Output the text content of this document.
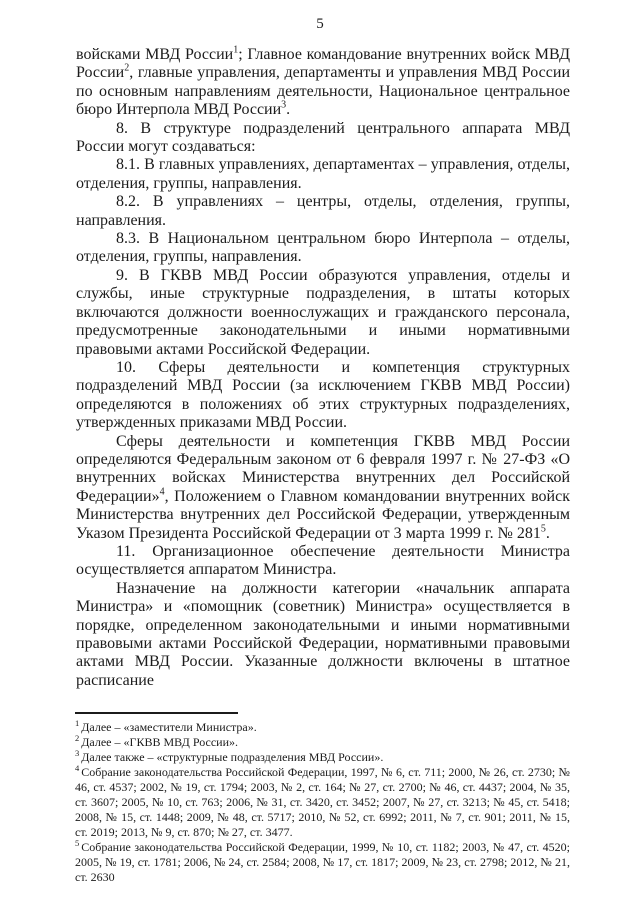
5

войсками МВД России$^1$; Главное командование внутренних войск МВД России$^2$, главные управления, департаменты и управления МВД России по основным направлениям деятельности, Национальное центральное бюро Интерпола МВД России$^3$.

8. В структуре подразделений центрального аппарата МВД России могут создаваться:

8.1. В главных управлениях, департаментах – управления, отделы, отделения, группы, направления.

8.2. В управлениях – центры, отделы, отделения, группы, направления.

8.3. В Национальном центральном бюро Интерпола – отделы, отделения, группы, направления.

9. В ГКВВ МВД России образуются управления, отделы и службы, иные структурные подразделения, в штаты которых включаются должности военнослужащих и гражданского персонала, предусмотренные законодательными и иными нормативными правовыми актами Российской Федерации.

10. Сферы деятельности и компетенция структурных подразделений МВД России (за исключением ГКВВ МВД России) определяются в положениях об этих структурных подразделениях, утвержденных приказами МВД России.

Сферы деятельности и компетенция ГКВВ МВД России определяются Федеральным законом от 6 февраля 1997 г. № 27-ФЗ «О внутренних войсках Министерства внутренних дел Российской Федерации»$^4$, Положением о Главном командовании внутренних войск Министерства внутренних дел Российской Федерации, утвержденным Указом Президента Российской Федерации от 3 марта 1999 г. № $281^5$.

11. Организационное обеспечение деятельности Министра осуществляется аппаратом Министра.

Назначение на должности категории «начальник аппарата Министра» и «помощник (советник) Министра» осуществляется в порядке, определенном законодательными и иными нормативными правовыми актами Российской Федерации, нормативными правовыми актами МВД России. Указанные должности включены в штатное расписание

$^1$ Далее – «заместители Министра».

$^2$ Далее – «ГКВВ МВД России».

$^3$ Далее также – «структурные подразделения МВД России».

$^4$ Собрание законодательства Российской Федерации, 1997, № 6, ст. 711; 2000, № 26, ст. 2730; № 46, ст. 4537; 2002, № 19, ст. 1794; 2003, № 2, ст. 164; № 27, ст. 2700; № 46, ст. 4437; 2004, № 35, ст. 3607; 2005, № 10, ст. 763; 2006, № 31, ст. 3420, ст. 3452; 2007, № 27, ст. 3213; № 45, ст. 5418; 2008, № 15, ст. 1448; 2009, № 48, ст. 5717; 2010, № 52, ст. 6992; 2011, № 7, ст. 901; 2011, № 15, ст. 2019; 2013, № 9, ст. 870; № 27, ст. 3477.

$^5$ Собрание законодательства Российской Федерации, 1999, № 10, ст. 1182; 2003, № 47, ст. 4520; 2005, № 19, ст. 1781; 2006, № 24, ст. 2584; 2008, № 17, ст. 1817; 2009, № 23, ст. 2798; 2012, № 21, ст. 2630
